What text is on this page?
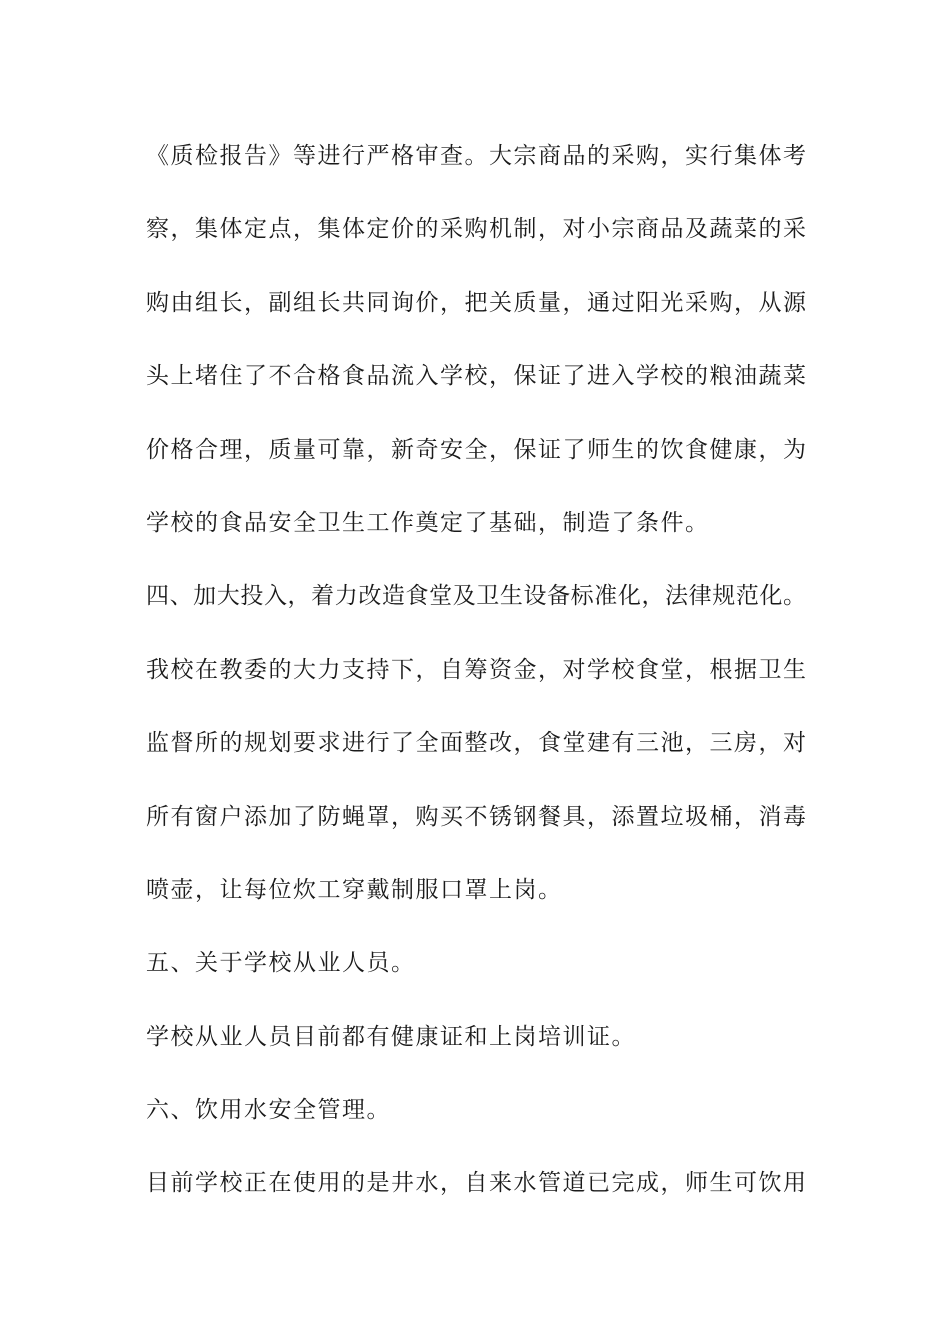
《质检报告》等进行严格审查。大宗商品的采购，实行集体考
察，集体定点，集体定价的采购机制，对小宗商品及蔬菜的采
购由组长，副组长共同询价，把关质量，通过阳光采购，从源
头上堵住了不合格食品流入学校，保证了进入学校的粮油蔬菜
价格合理，质量可靠，新奇安全，保证了师生的饮食健康，为
学校的食品安全卫生工作奠定了基础，制造了条件。
四、加大投入，着力改造食堂及卫生设备标准化，法律规范化。
我校在教委的大力支持下，自筹资金，对学校食堂，根据卫生
监督所的规划要求进行了全面整改，食堂建有三池，三房，对
所有窗户添加了防蝇罩，购买不锈钢餐具，添置垃圾桶，消毒
喷壶，让每位炊工穿戴制服口罩上岗。
五、关于学校从业人员。
学校从业人员目前都有健康证和上岗培训证。
六、饮用水安全管理。
目前学校正在使用的是井水，自来水管道已完成，师生可饮用
